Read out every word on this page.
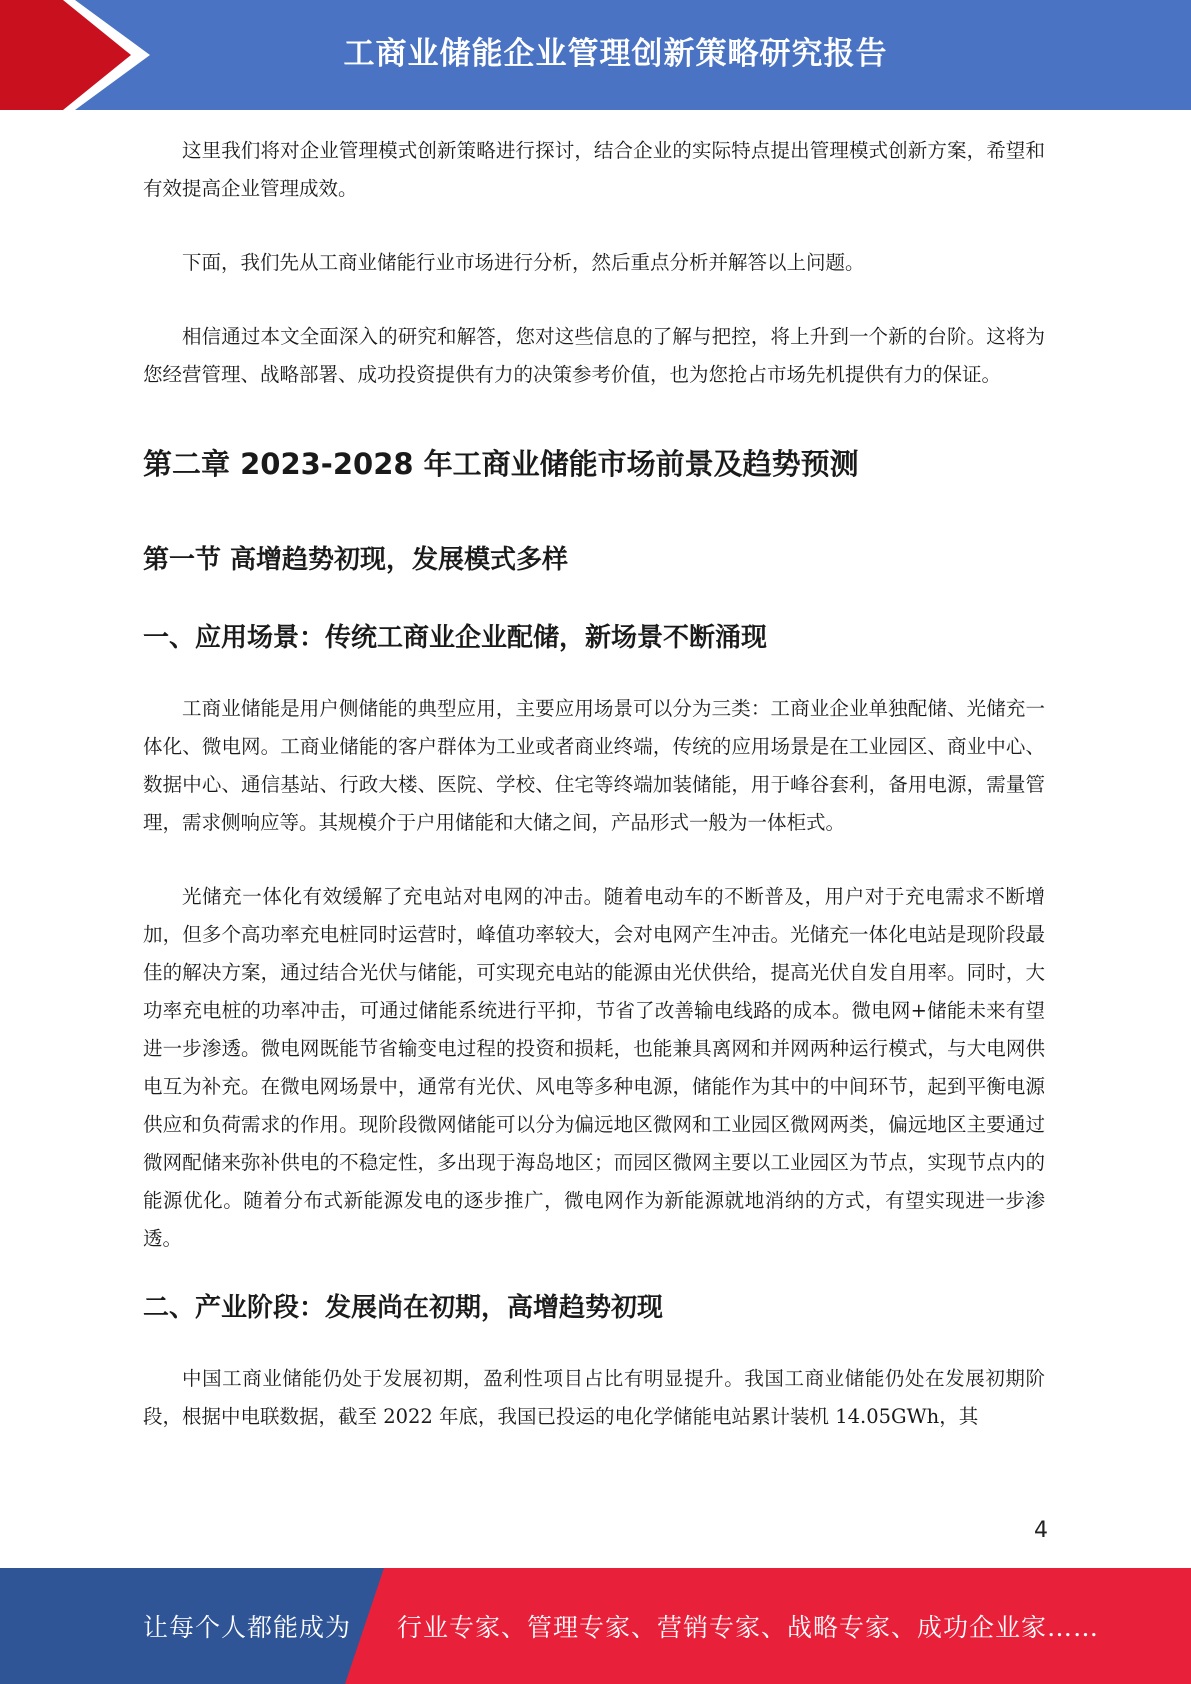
工商业储能企业管理创新策略研究报告

这里我们将对企业管理模式创新策略进行探讨，结合企业的实际特点提出管理模式创新方案，希望和有效提高企业管理成效。

下面，我们先从工商业储能行业市场进行分析，然后重点分析并解答以上问题。

相信通过本文全面深入的研究和解答，您对这些信息的了解与把控，将上升到一个新的台阶。这将为您经营管理、战略部署、成功投资提供有力的决策参考价值，也为您抢占市场先机提供有力的保证。

第二章 2023-2028 年工商业储能市场前景及趋势预测
第一节 高增趋势初现，发展模式多样
一、应用场景：传统工商业企业配储，新场景不断涌现

工商业储能是用户侧储能的典型应用，主要应用场景可以分为三类：工商业企业单独配储、光储充一体化、微电网。工商业储能的客户群体为工业或者商业终端，传统的应用场景是在工业园区、商业中心、数据中心、通信基站、行政大楼、医院、学校、住宅等终端加装储能，用于峰谷套利，备用电源，需量管理，需求侧响应等。其规模介于户用储能和大储之间，产品形式一般为一体柜式。

光储充一体化有效缓解了充电站对电网的冲击。随着电动车的不断普及，用户对于充电需求不断增加，但多个高功率充电桩同时运营时，峰值功率较大，会对电网产生冲击。光储充一体化电站是现阶段最佳的解决方案，通过结合光伏与储能，可实现充电站的能源由光伏供给，提高光伏自发自用率。同时，大功率充电桩的功率冲击，可通过储能系统进行平抑，节省了改善输电线路的成本。微电网+储能未来有望进一步渗透。微电网既能节省输变电过程的投资和损耗，也能兼具离网和并网两种运行模式，与大电网供电互为补充。在微电网场景中，通常有光伏、风电等多种电源，储能作为其中的中间环节，起到平衡电源供应和负荷需求的作用。现阶段微网储能可以分为偏远地区微网和工业园区微网两类，偏远地区主要通过微网配储来弥补供电的不稳定性，多出现于海岛地区；而园区微网主要以工业园区为节点，实现节点内的能源优化。随着分布式新能源发电的逐步推广，微电网作为新能源就地消纳的方式，有望实现进一步渗透。

二、产业阶段：发展尚在初期，高增趋势初现

中国工商业储能仍处于发展初期，盈利性项目占比有明显提升。我国工商业储能仍处在发展初期阶段，根据中电联数据，截至 2022 年底，我国已投运的电化学储能电站累计装机 14.05GWh，其

4
让每个人都能成为 行业专家、管理专家、营销专家、战略专家、成功企业家……
